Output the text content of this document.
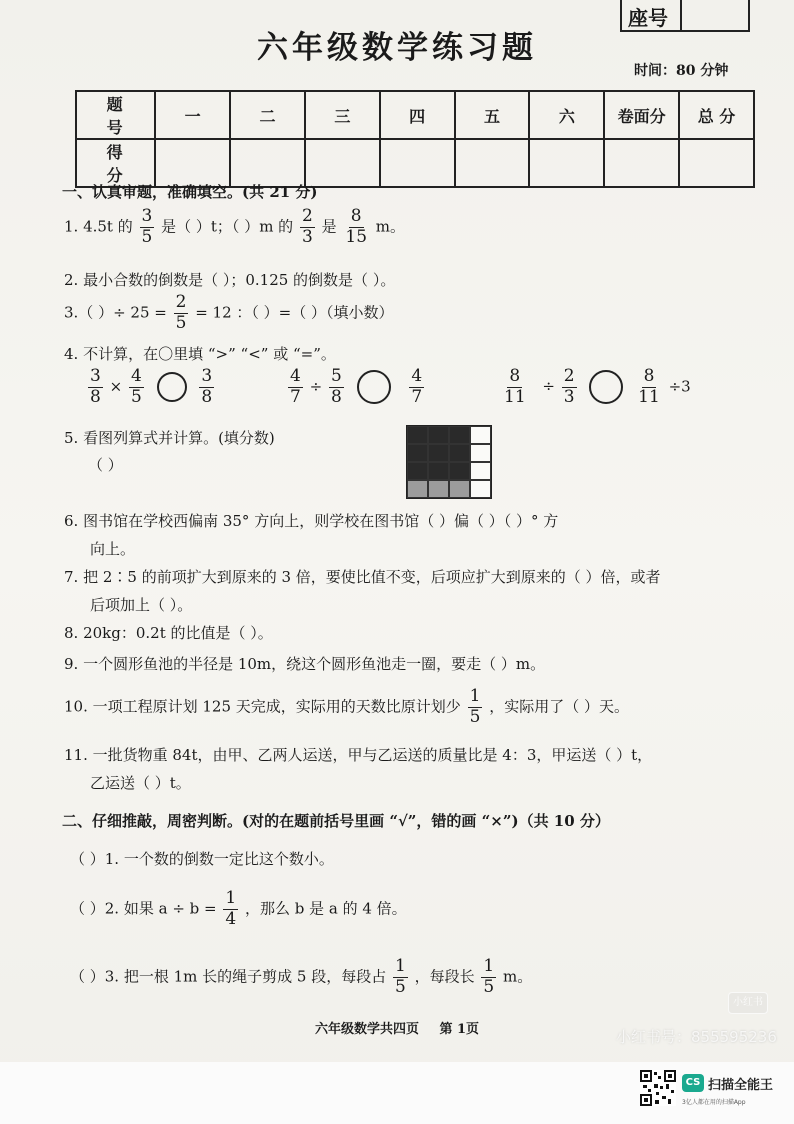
座号
六年级数学练习题
时间：80 分钟
题 号	一	二	三	四	五	六	卷面分	总 分
得 分								
一、认真审题，准确填空。(共 21 分)
1. 4.5t 的 $\frac{3}{5}$ 是（ ）t；（ ）m 的 $\frac{2}{3}$ 是 $\frac{8}{15}$ m。
2. 最小合数的倒数是（ ）；0.125 的倒数是（ ）。
3.（ ）÷ $25 = \frac{2}{5} = 12$ ：（ ）=（ ）（填小数）
4. 不计算，在〇里填 “>” “<” 或 “=”。
$\frac{3}{8} \times \frac{4}{5}$
	$\frac{3}{8}$	$\frac{4}{7} \div \frac{5}{8}$
	$\frac{4}{7}$	$\frac{8}{11} \div \frac{2}{3}$
	$\frac{8}{11} \div 3$
5. 看图列算式并计算。(填分数)
（ ）
6. 图书馆在学校西偏南 35° 方向上，则学校在图书馆（ ）偏（ ）（ ）° 方
向上。
7. 把 2∶5 的前项扩大到原来的 3 倍，要使比值不变，后项应扩大到原来的（ ）倍，或者
后项加上（ ）。
8. 20kg：0.2t 的比值是（ ）。
9. 一个圆形鱼池的半径是 10m，绕这个圆形鱼池走一圈，要走（ ）m。
10. 一项工程原计划 125 天完成，实际用的天数比原计划少 $\frac{1}{5}$ ，实际用了（ ）天。
11. 一批货物重 84t，由甲、乙两人运送，甲与乙运送的质量比是 4：3，甲运送（ ）t，
乙运送（ ）t。
二、仔细推敲，周密判断。(对的在题前括号里画 “√”，错的画 “×”)（共 10 分）
（ ）1. 一个数的倒数一定比这个数小。
（ ）2. 如果 $a \div b = \frac{1}{4}$ ，那么 b 是 a 的 4 倍。
（ ）3. 把一根 1m 长的绳子剪成 5 段，每段占 $\frac{1}{5}$ ，每段长 $\frac{1}{5}$ m。
六年级数学共四页 第 1页
小红书
小红书号：855595236
CS 扫描全能王
3亿人都在用的扫描App
